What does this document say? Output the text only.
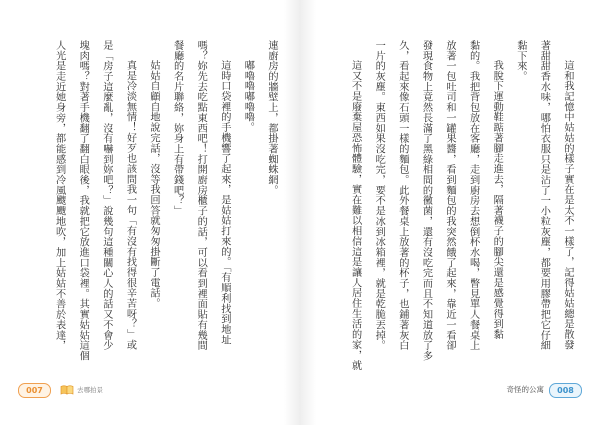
連廚房的牆壁上，都掛著蜘蛛網。

嘟嚕嚕嘟嚕嚕。

這時口袋裡的手機響了起來，是姑姑打來的。「有順利找到地址

嗎？妳先去吃點東西吧！打開廚房櫃子的話，可以看到裡面貼有幾間

餐廳的名片聯絡，妳身上有帶錢吧？」

姑姑自顧自地說完話，沒等我回答就匆匆掛斷了電話。

真是冷淡無情！好歹也該問我一句「有沒有找得很辛苦呀？」或

是「房子這麼亂，沒有嚇到妳吧？」說幾句這種關心人的話又不會少

塊肉嗎？對著手機翻了翻白眼後，我就把它放進口袋裡。其實姑姑這個

人光是走近她身旁，都能感到冷風颼颼地吹，加上姑姑不善於表達，

007	去哪拍景

這和我記憶中姑姑的樣子實在是太不一樣了，記得姑姑總是散發

著甜甜香水味，哪怕衣服只是沾了一小粒灰塵，都要用膠帶把它仔細

黏下來。

我脫下運動鞋踮著腳走進去，隔著襪子的腳尖還是感覺得到黏

黏的。我把背包放在客廳，走到廚房去想倒杯水喝，瞥見單人餐桌上

放著一包吐司和一罐果醬，看到麵包的我突然餓了起來，靠近一看卻

發現食物上竟然長滿了黑綠相間的黴菌，還有沒吃完而且不知道放了多

久，看起來像石頭一樣的麵包。此外餐桌上放著的杯子，也鋪著灰白

一片的灰塵。東西如果沒吃完，要不是冰到冰箱裡，就是乾脆丟掉。

這又不是廢棄屋恐怖體驗，實在難以相信這是讓人居住生活的家，就

奇怪的公寓	008
